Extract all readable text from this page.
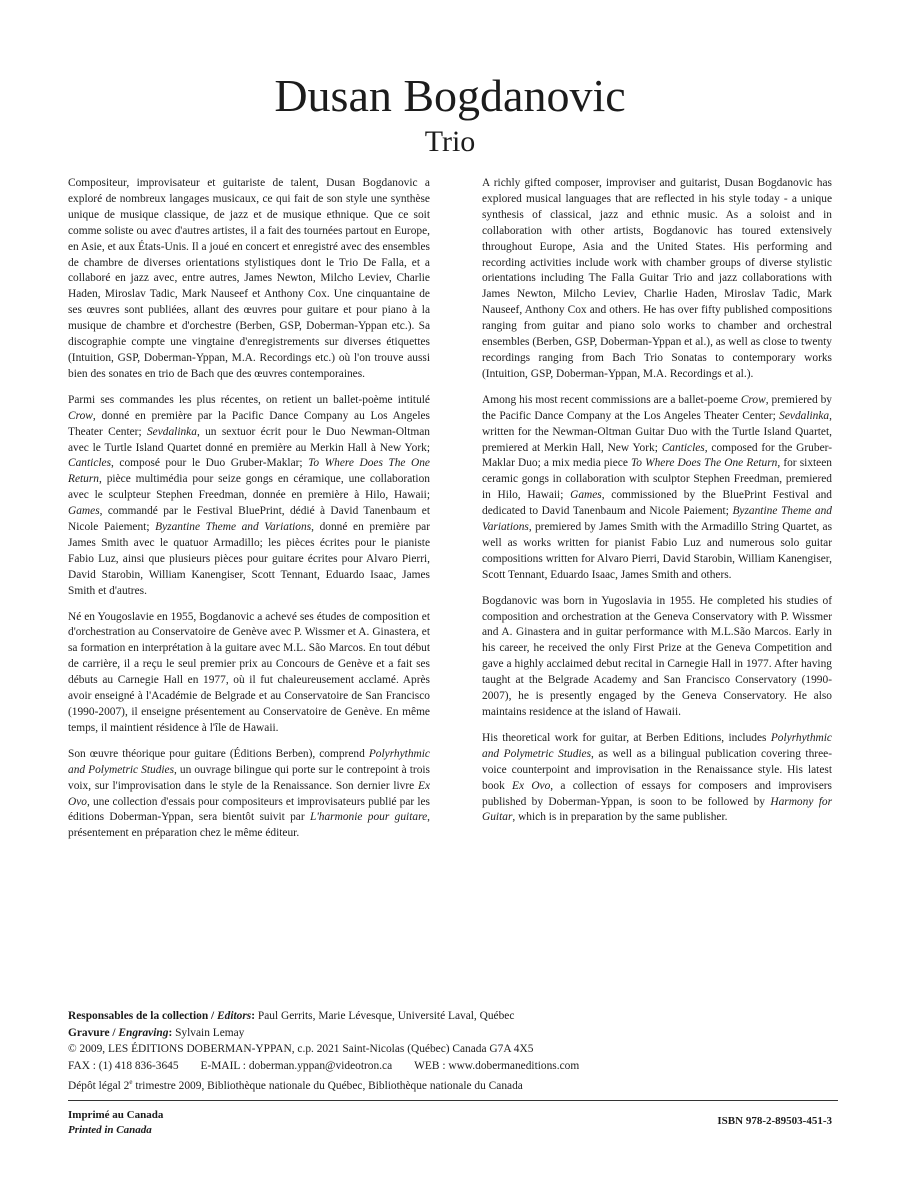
Dusan Bogdanovic
Trio

Compositeur, improvisateur et guitariste de talent, Dusan Bogdanovic a exploré de nombreux langages musicaux, ce qui fait de son style une synthèse unique de musique classique, de jazz et de musique ethnique. Que ce soit comme soliste ou avec d'autres artistes, il a fait des tournées partout en Europe, en Asie, et aux États-Unis. Il a joué en concert et enregistré avec des ensembles de chambre de diverses orientations stylistiques dont le Trio De Falla, et a collaboré en jazz avec, entre autres, James Newton, Milcho Leviev, Charlie Haden, Miroslav Tadic, Mark Nauseef et Anthony Cox. Une cinquantaine de ses œuvres sont publiées, allant des œuvres pour guitare et pour piano à la musique de chambre et d'orchestre (Berben, GSP, Doberman-Yppan etc.). Sa discographie compte une vingtaine d'enregistrements sur diverses étiquettes (Intuition, GSP, Doberman-Yppan, M.A. Recordings etc.) où l'on trouve aussi bien des sonates en trio de Bach que des œuvres contemporaines.

Parmi ses commandes les plus récentes, on retient un ballet-poème intitulé Crow, donné en première par la Pacific Dance Company au Los Angeles Theater Center; Sevdalinka, un sextuor écrit pour le Duo Newman-Oltman avec le Turtle Island Quartet donné en première au Merkin Hall à New York; Canticles, composé pour le Duo Gruber-Maklar; To Where Does The One Return, pièce multimédia pour seize gongs en céramique, une collaboration avec le sculpteur Stephen Freedman, donnée en première à Hilo, Hawaii; Games, commandé par le Festival BluePrint, dédié à David Tanenbaum et Nicole Paiement; Byzantine Theme and Variations, donné en première par James Smith avec le quatuor Armadillo; les pièces écrites pour le pianiste Fabio Luz, ainsi que plusieurs pièces pour guitare écrites pour Alvaro Pierri, David Starobin, William Kanengiser, Scott Tennant, Eduardo Isaac, James Smith et d'autres.

Né en Yougoslavie en 1955, Bogdanovic a achevé ses études de composition et d'orchestration au Conservatoire de Genève avec P. Wissmer et A. Ginastera, et sa formation en interprétation à la guitare avec M.L. São Marcos. En tout début de carrière, il a reçu le seul premier prix au Concours de Genève et a fait ses débuts au Carnegie Hall en 1977, où il fut chaleureusement acclamé. Après avoir enseigné à l'Académie de Belgrade et au Conservatoire de San Francisco (1990-2007), il enseigne présentement au Conservatoire de Genève. En même temps, il maintient résidence à l'île de Hawaii.

Son œuvre théorique pour guitare (Éditions Berben), comprend Polyrhythmic and Polymetric Studies, un ouvrage bilingue qui porte sur le contrepoint à trois voix, sur l'improvisation dans le style de la Renaissance. Son dernier livre Ex Ovo, une collection d'essais pour compositeurs et improvisateurs publié par les éditions Doberman-Yppan, sera bientôt suivit par L'harmonie pour guitare, présentement en préparation chez le même éditeur.

A richly gifted composer, improviser and guitarist, Dusan Bogdanovic has explored musical languages that are reflected in his style today - a unique synthesis of classical, jazz and ethnic music. As a soloist and in collaboration with other artists, Bogdanovic has toured extensively throughout Europe, Asia and the United States. His performing and recording activities include work with chamber groups of diverse stylistic orientations including The Falla Guitar Trio and jazz collaborations with James Newton, Milcho Leviev, Charlie Haden, Miroslav Tadic, Mark Nauseef, Anthony Cox and others. He has over fifty published compositions ranging from guitar and piano solo works to chamber and orchestral ensembles (Berben, GSP, Doberman-Yppan et al.), as well as close to twenty recordings ranging from Bach Trio Sonatas to contemporary works (Intuition, GSP, Doberman-Yppan, M.A. Recordings et al.).

Among his most recent commissions are a ballet-poeme Crow, premiered by the Pacific Dance Company at the Los Angeles Theater Center; Sevdalinka, written for the Newman-Oltman Guitar Duo with the Turtle Island Quartet, premiered at Merkin Hall, New York; Canticles, composed for the Gruber-Maklar Duo; a mix media piece To Where Does The One Return, for sixteen ceramic gongs in collaboration with sculptor Stephen Freedman, premiered in Hilo, Hawaii; Games, commissioned by the BluePrint Festival and dedicated to David Tanenbaum and Nicole Paiement; Byzantine Theme and Variations, premiered by James Smith with the Armadillo String Quartet, as well as works written for pianist Fabio Luz and numerous solo guitar compositions written for Alvaro Pierri, David Starobin, William Kanengiser, Scott Tennant, Eduardo Isaac, James Smith and others.

Bogdanovic was born in Yugoslavia in 1955. He completed his studies of composition and orchestration at the Geneva Conservatory with P. Wissmer and A. Ginastera and in guitar performance with M.L.São Marcos. Early in his career, he received the only First Prize at the Geneva Competition and gave a highly acclaimed debut recital in Carnegie Hall in 1977. After having taught at the Belgrade Academy and San Francisco Conservatory (1990-2007), he is presently engaged by the Geneva Conservatory. He also maintains residence at the island of Hawaii.

His theoretical work for guitar, at Berben Editions, includes Polyrhythmic and Polymetric Studies, as well as a bilingual publication covering three- voice counterpoint and improvisation in the Renaissance style. His latest book Ex Ovo, a collection of essays for composers and improvisers published by Doberman-Yppan, is soon to be followed by Harmony for Guitar, which is in preparation by the same publisher.

Responsables de la collection / Editors: Paul Gerrits, Marie Lévesque, Université Laval, Québec
Gravure / Engraving: Sylvain Lemay
© 2009, LES ÉDITIONS DOBERMAN-YPPAN, c.p. 2021 Saint-Nicolas (Québec) Canada G7A 4X5
FAX : (1) 418 836-3645 E-MAIL : doberman.yppan@videotron.ca WEB : www.dobermaneditions.com
Dépôt légal 2e trimestre 2009, Bibliothèque nationale du Québec, Bibliothèque nationale du Canada
Imprimé au Canada
Printed in Canada
ISBN 978-2-89503-451-3
